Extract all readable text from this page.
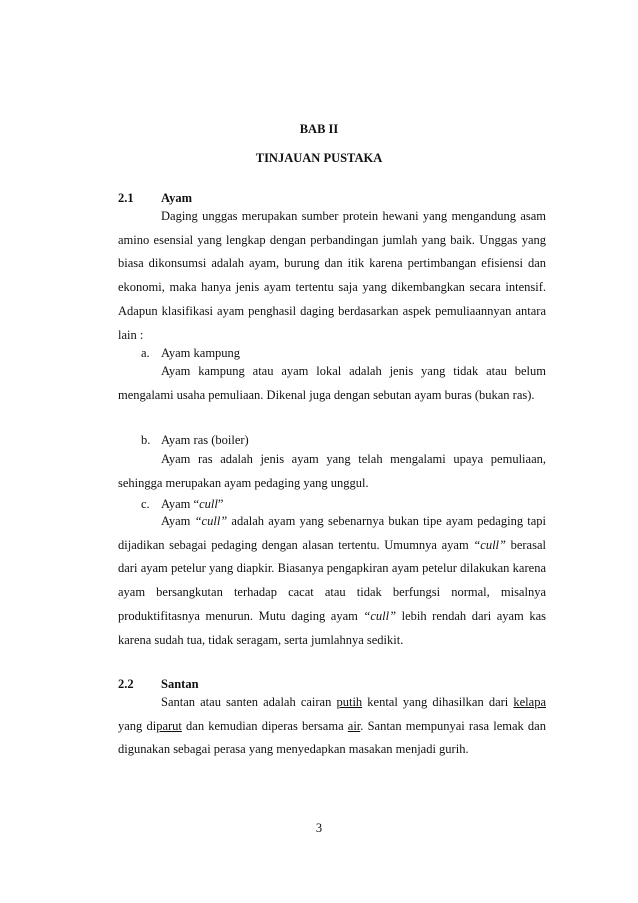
BAB II
TINJAUAN PUSTAKA
2.1 Ayam

Daging unggas merupakan sumber protein hewani yang mengandung asam amino esensial yang lengkap dengan perbandingan jumlah yang baik. Unggas yang biasa dikonsumsi adalah ayam, burung dan itik karena pertimbangan efisiensi dan ekonomi, maka hanya jenis ayam tertentu saja yang dikembangkan secara intensif. Adapun klasifikasi ayam penghasil daging berdasarkan aspek pemuliaannyan antara lain :

a. Ayam kampung

Ayam kampung atau ayam lokal adalah jenis yang tidak atau belum mengalami usaha pemuliaan. Dikenal juga dengan sebutan ayam buras (bukan ras).

b. Ayam ras (boiler)

Ayam ras adalah jenis ayam yang telah mengalami upaya pemuliaan, sehingga merupakan ayam pedaging yang unggul.

c. Ayam “cull”

Ayam “cull” adalah ayam yang sebenarnya bukan tipe ayam pedaging tapi dijadikan sebagai pedaging dengan alasan tertentu. Umumnya ayam “cull” berasal dari ayam petelur yang diapkir. Biasanya pengapkiran ayam petelur dilakukan karena ayam bersangkutan terhadap cacat atau tidak berfungsi normal, misalnya produktifitasnya menurun. Mutu daging ayam “cull” lebih rendah dari ayam kas karena sudah tua, tidak seragam, serta jumlahnya sedikit.

2.2 Santan

Santan atau santen adalah cairan putih kental yang dihasilkan dari kelapa yang diparut dan kemudian diperas bersama air. Santan mempunyai rasa lemak dan digunakan sebagai perasa yang menyedapkan masakan menjadi gurih.

3
